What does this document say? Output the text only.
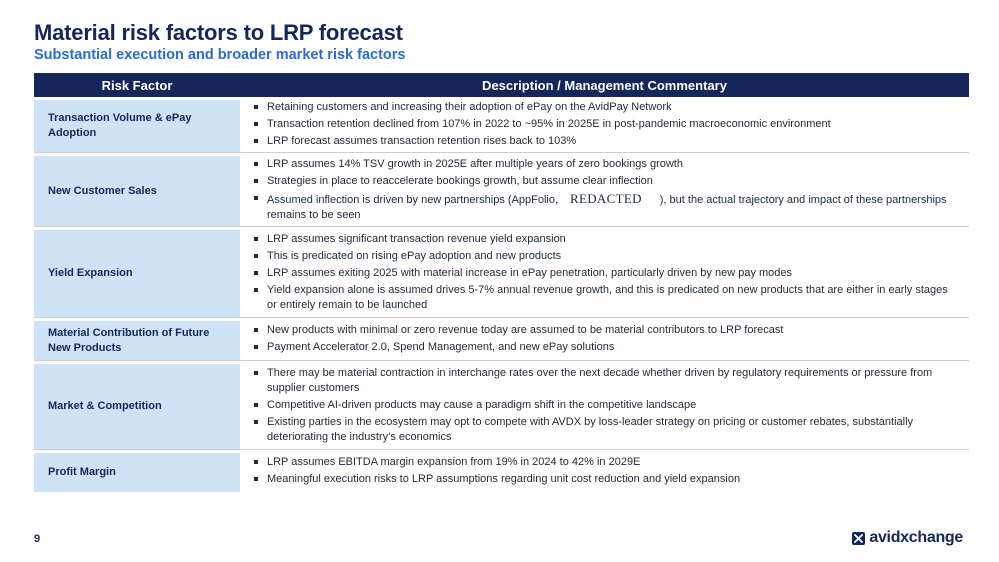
Material risk factors to LRP forecast
Substantial execution and broader market risk factors
Risk Factor	Description / Management Commentary
Transaction Volume & ePay Adoption
Retaining customers and increasing their adoption of ePay on the AvidPay Network
Transaction retention declined from 107% in 2022 to ~95% in 2025E in post-pandemic macroeconomic environment
LRP forecast assumes transaction retention rises back to 103%
New Customer Sales
LRP assumes 14% TSV growth in 2025E after multiple years of zero bookings growth
Strategies in place to reaccelerate bookings growth, but assume clear inflection
Assumed inflection is driven by new partnerships (AppFolio, REDACTED ), but the actual trajectory and impact of these partnerships remains to be seen
Yield Expansion
LRP assumes significant transaction revenue yield expansion
This is predicated on rising ePay adoption and new products
LRP assumes exiting 2025 with material increase in ePay penetration, particularly driven by new pay modes
Yield expansion alone is assumed drives 5-7% annual revenue growth, and this is predicated on new products that are either in early stages or entirely remain to be launched
Material Contribution of Future New Products
New products with minimal or zero revenue today are assumed to be material contributors to LRP forecast
Payment Accelerator 2.0, Spend Management, and new ePay solutions
Market & Competition
There may be material contraction in interchange rates over the next decade whether driven by regulatory requirements or pressure from supplier customers
Competitive AI-driven products may cause a paradigm shift in the competitive landscape
Existing parties in the ecosystem may opt to compete with AVDX by loss-leader strategy on pricing or customer rebates, substantially deteriorating the industry’s economics
Profit Margin
LRP assumes EBITDA margin expansion from 19% in 2024 to 42% in 2029E
Meaningful execution risks to LRP assumptions regarding unit cost reduction and yield expansion
9	avidxchange
